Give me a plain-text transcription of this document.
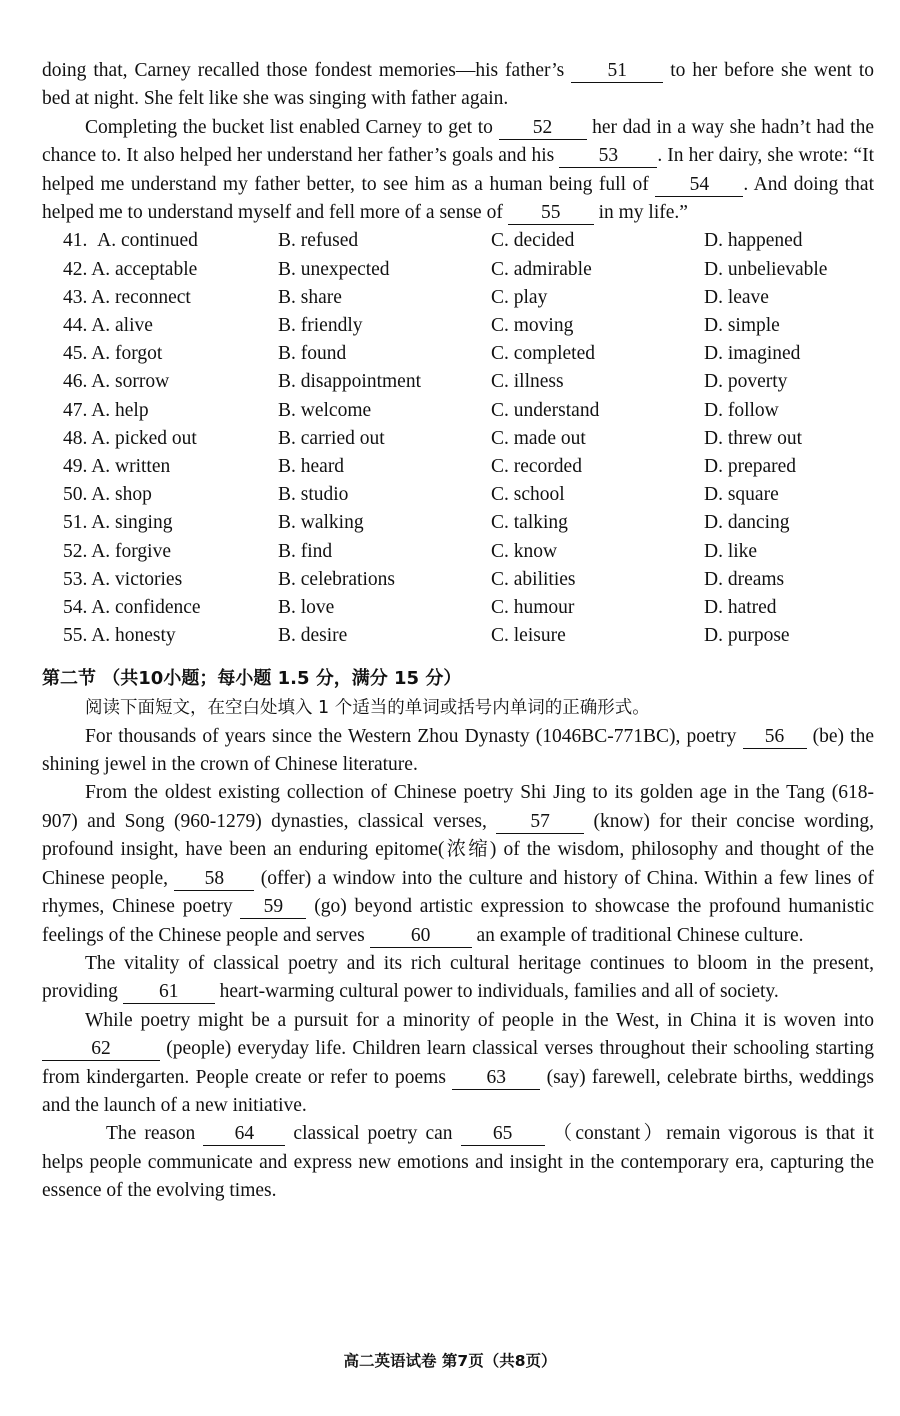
doing that, Carney recalled those fondest memories—his father’s 51 to her before she went to bed at night. She felt like she was singing with father again.

Completing the bucket list enabled Carney to get to 52 her dad in a way she hadn’t had the chance to. It also helped her understand her father’s goals and his 53 . In her dairy, she wrote: “It helped me understand my father better, to see him as a human being full of 54 . And doing that helped me to understand myself and fell more of a sense of 55 in my life.”

41. A. continued	B. refused	C. decided	D. happened
42. A. acceptable	B. unexpected	C. admirable	D. unbelievable
43. A. reconnect	B. share	C. play	D. leave
44. A. alive	B. friendly	C. moving	D. simple
45. A. forgot	B. found	C. completed	D. imagined
46. A. sorrow	B. disappointment	C. illness	D. poverty
47. A. help	B. welcome	C. understand	D. follow
48. A. picked out	B. carried out	C. made out	D. threw out
49. A. written	B. heard	C. recorded	D. prepared
50. A. shop	B. studio	C. school	D. square
51. A. singing	B. walking	C. talking	D. dancing
52. A. forgive	B. find	C. know	D. like
53. A. victories	B. celebrations	C. abilities	D. dreams
54. A. confidence	B. love	C. humour	D. hatred
55. A. honesty	B. desire	C. leisure	D. purpose
第二节 （共10小题；每小题 1.5 分，满分 15 分）

阅读下面短文，在空白处填入 1 个适当的单词或括号内单词的正确形式。

For thousands of years since the Western Zhou Dynasty (1046BC-771BC), poetry 56 (be) the shining jewel in the crown of Chinese literature.

From the oldest existing collection of Chinese poetry Shi Jing to its golden age in the Tang (618-907) and Song (960-1279) dynasties, classical verses, 57 (know) for their concise wording, profound insight, have been an enduring epitome(浓缩) of the wisdom, philosophy and thought of the Chinese people, 58 (offer) a window into the culture and history of China. Within a few lines of rhymes, Chinese poetry 59 (go) beyond artistic expression to showcase the profound humanistic feelings of the Chinese people and serves 60 an example of traditional Chinese culture.

The vitality of classical poetry and its rich cultural heritage continues to bloom in the present, providing 61 heart-warming cultural power to individuals, families and all of society.

While poetry might be a pursuit for a minority of people in the West, in China it is woven into 62	(people) everyday life. Children learn classical verses throughout their schooling starting from kindergarten. People create or refer to poems 63 (say) farewell, celebrate births, weddings and the launch of a new initiative.

The reason 64 classical poetry can 65 （constant）remain vigorous is that it helps people communicate and express new emotions and insight in the contemporary era, capturing the essence of the evolving times.

高二英语试卷 第7页（共8页）
